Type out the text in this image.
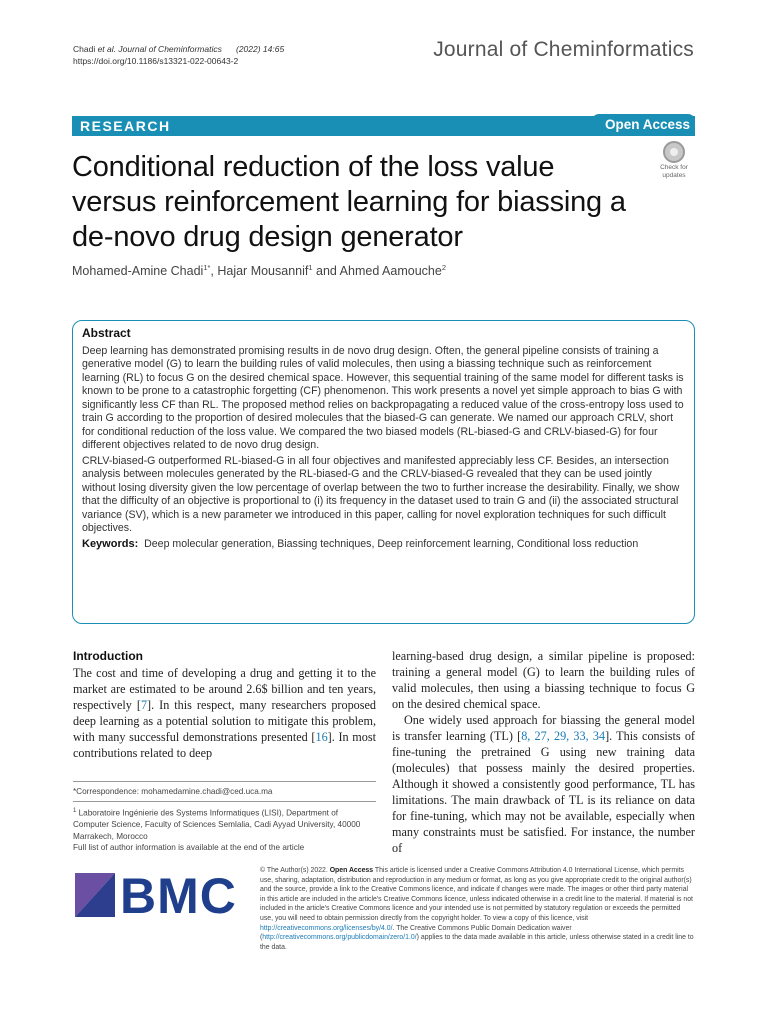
Chadi et al. Journal of Cheminformatics (2022) 14:65
https://doi.org/10.1186/s13321-022-00643-2	Journal of Cheminformatics
RESEARCH	Open Access
Conditional reduction of the loss value versus reinforcement learning for biassing a de-novo drug design generator
Check for
updates
Mohamed-Amine Chadi$^{1*}$, Hajar Mousannif$^1$ and Ahmed Aamouche$^2$
Abstract

Deep learning has demonstrated promising results in de novo drug design. Often, the general pipeline consists of training a generative model (G) to learn the building rules of valid molecules, then using a biassing technique such as reinforcement learning (RL) to focus G on the desired chemical space. However, this sequential training of the same model for different tasks is known to be prone to a catastrophic forgetting (CF) phenomenon. This work presents a novel yet simple approach to bias G with significantly less CF than RL. The proposed method relies on backpropagating a reduced value of the cross-entropy loss used to train G according to the proportion of desired molecules that the biased-G can generate. We named our approach CRLV, short for conditional reduction of the loss value. We compared the two biased models (RL-biased-G and CRLV-biased-G) for four different objectives related to de novo drug design.

CRLV-biased-G outperformed RL-biased-G in all four objectives and manifested appreciably less CF. Besides, an intersection analysis between molecules generated by the RL-biased-G and the CRLV-biased-G revealed that they can be used jointly without losing diversity given the low percentage of overlap between the two to further increase the desirability. Finally, we show that the difficulty of an objective is proportional to (i) its frequency in the dataset used to train G and (ii) the associated structural variance (SV), which is a new parameter we introduced in this paper, calling for novel exploration techniques for such difficult objectives.

Keywords: Deep molecular generation, Biassing techniques, Deep reinforcement learning, Conditional loss reduction

Introduction

The cost and time of developing a drug and getting it to the market are estimated to be around 2.6$ billion and ten years, respectively [7]. In this respect, many researchers proposed deep learning as a potential solution to mitigate this problem, with many successful demonstrations presented [16]. In most contributions related to deep

*Correspondence: mohamedamine.chadi@ced.uca.ma
$^1$ Laboratoire Ingénierie des Systems Informatiques (LISI), Department of Computer Science, Faculty of Sciences Semlalia, Cadi Ayyad University, 40000 Marrakech, Morocco
Full list of author information is available at the end of the article

learning-based drug design, a similar pipeline is proposed: training a general model (G) to learn the building rules of valid molecules, then using a biassing technique to focus G on the desired chemical space.

One widely used approach for biassing the general model is transfer learning (TL) [8, 27, 29, 33, 34]. This consists of fine-tuning the pretrained G using new training data (molecules) that possess mainly the desired properties. Although it showed a consistently good performance, TL has limitations. The main drawback of TL is its reliance on data for fine-tuning, which may not be available, especially when many constraints must be satisfied. For instance, the number of

BMC	© The Author(s) 2022. Open Access This article is licensed under a Creative Commons Attribution 4.0 International License, which permits use, sharing, adaptation, distribution and reproduction in any medium or format, as long as you give appropriate credit to the original author(s) and the source, provide a link to the Creative Commons licence, and indicate if changes were made. The images or other third party material in this article are included in the article's Creative Commons licence, unless indicated otherwise in a credit line to the material. If material is not included in the article's Creative Commons licence and your intended use is not permitted by statutory regulation or exceeds the permitted use, you will need to obtain permission directly from the copyright holder. To view a copy of this licence, visit http://creativecommons.org/licenses/by/4.0/. The Creative Commons Public Domain Dedication waiver (http://creativecommons.org/publicdomain/zero/1.0/) applies to the data made available in this article, unless otherwise stated in a credit line to the data.
